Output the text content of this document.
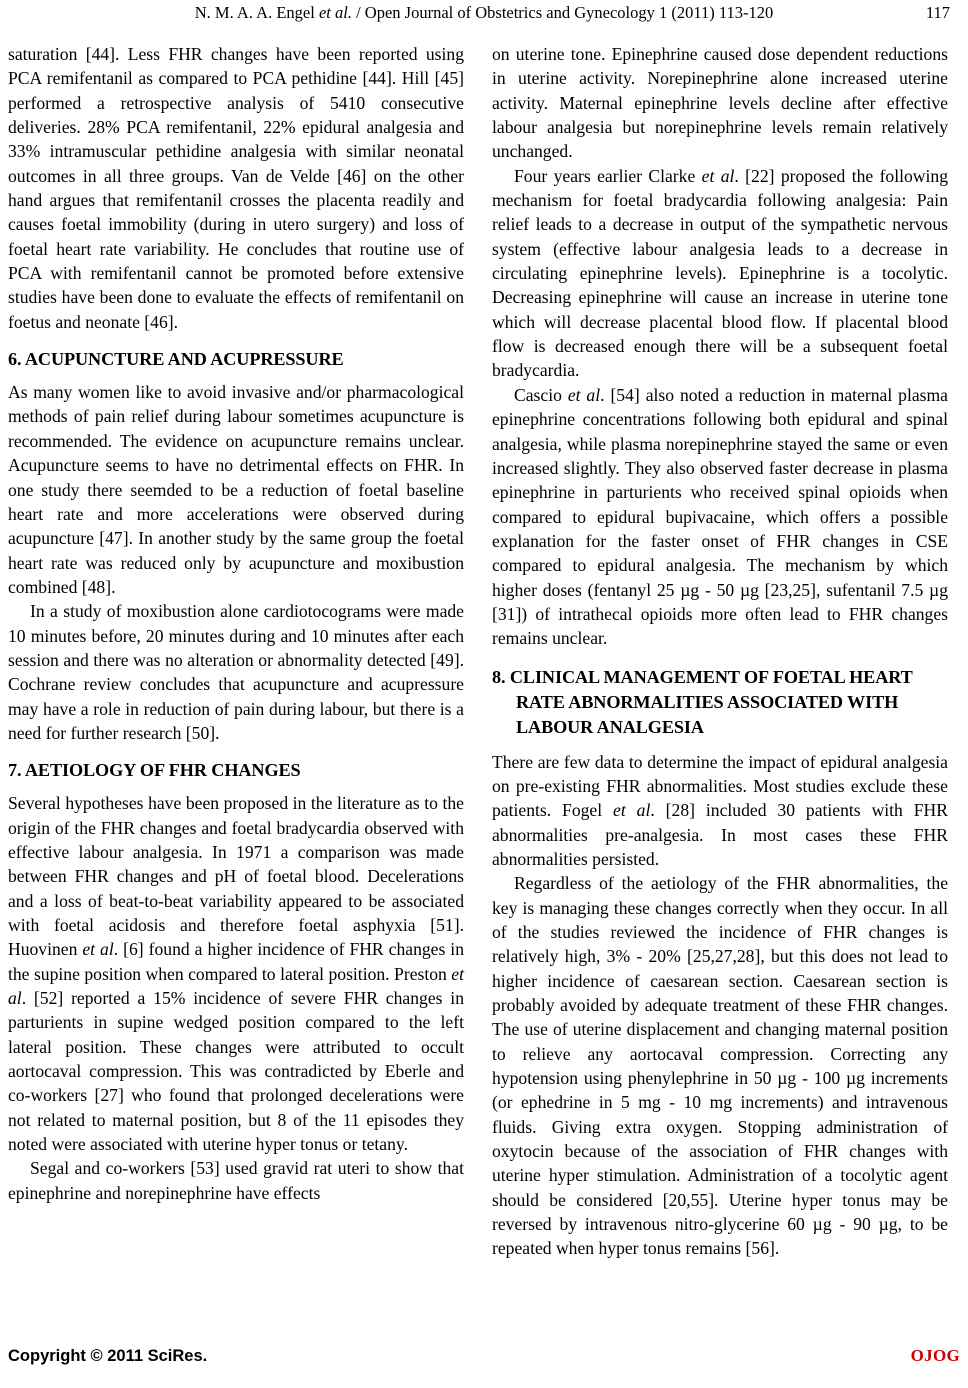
N. M. A. A. Engel et al. / Open Journal of Obstetrics and Gynecology 1 (2011) 113-120	117

saturation [44]. Less FHR changes have been reported using PCA remifentanil as compared to PCA pethidine [44]. Hill [45] performed a retrospective analysis of 5410 consecutive deliveries. 28% PCA remifentanil, 22% epidural analgesia and 33% intramuscular pethidine analgesia with similar neonatal outcomes in all three groups. Van de Velde [46] on the other hand argues that remifentanil crosses the placenta readily and causes foetal immobility (during in utero surgery) and loss of foetal heart rate variability. He concludes that routine use of PCA with remifentanil cannot be promoted before extensive studies have been done to evaluate the effects of remifentanil on foetus and neonate [46].

6. ACUPUNCTURE AND ACUPRESSURE

As many women like to avoid invasive and/or pharmacological methods of pain relief during labour sometimes acupuncture is recommended. The evidence on acupuncture remains unclear. Acupuncture seems to have no detrimental effects on FHR. In one study there seemded to be a reduction of foetal baseline heart rate and more accelerations were observed during acupuncture [47]. In another study by the same group the foetal heart rate was reduced only by acupuncture and moxibustion combined [48].

In a study of moxibustion alone cardiotocograms were made 10 minutes before, 20 minutes during and 10 minutes after each session and there was no alteration or abnormality detected [49]. Cochrane review concludes that acupuncture and acupressure may have a role in reduction of pain during labour, but there is a need for further research [50].

7. AETIOLOGY OF FHR CHANGES

Several hypotheses have been proposed in the literature as to the origin of the FHR changes and foetal bradycardia observed with effective labour analgesia. In 1971 a comparison was made between FHR changes and pH of foetal blood. Decelerations and a loss of beat-to-beat variability appeared to be associated with foetal acidosis and therefore foetal asphyxia [51]. Huovinen et al. [6] found a higher incidence of FHR changes in the supine position when compared to lateral position. Preston et al. [52] reported a 15% incidence of severe FHR changes in parturients in supine wedged position compared to the left lateral position. These changes were attributed to occult aortocaval compression. This was contradicted by Eberle and co-workers [27] who found that prolonged decelerations were not related to maternal position, but 8 of the 11 episodes they noted were associated with uterine hyper tonus or tetany.

Segal and co-workers [53] used gravid rat uteri to show that epinephrine and norepinephrine have effects

on uterine tone. Epinephrine caused dose dependent reductions in uterine activity. Norepinephrine alone increased uterine activity. Maternal epinephrine levels decline after effective labour analgesia but norepinephrine levels remain relatively unchanged.

Four years earlier Clarke et al. [22] proposed the following mechanism for foetal bradycardia following analgesia: Pain relief leads to a decrease in output of the sympathetic nervous system (effective labour analgesia leads to a decrease in circulating epinephrine levels). Epinephrine is a tocolytic. Decreasing epinephrine will cause an increase in uterine tone which will decrease placental blood flow. If placental blood flow is decreased enough there will be a subsequent foetal bradycardia.

Cascio et al. [54] also noted a reduction in maternal plasma epinephrine concentrations following both epidural and spinal analgesia, while plasma norepinephrine stayed the same or even increased slightly. They also observed faster decrease in plasma epinephrine in parturients who received spinal opioids when compared to epidural bupivacaine, which offers a possible explanation for the faster onset of FHR changes in CSE compared to epidural analgesia. The mechanism by which higher doses (fentanyl 25 µg - 50 µg [23,25], sufentanil 7.5 µg [31]) of intrathecal opioids more often lead to FHR changes remains unclear.

8. CLINICAL MANAGEMENT OF FOETAL HEART RATE ABNORMALITIES ASSOCIATED WITH LABOUR ANALGESIA

There are few data to determine the impact of epidural analgesia on pre-existing FHR abnormalities. Most studies exclude these patients. Fogel et al. [28] included 30 patients with FHR abnormalities pre-analgesia. In most cases these FHR abnormalities persisted.

Regardless of the aetiology of the FHR abnormalities, the key is managing these changes correctly when they occur. In all of the studies reviewed the incidence of FHR changes is relatively high, 3% - 20% [25,27,28], but this does not lead to higher incidence of caesarean section. Caesarean section is probably avoided by adequate treatment of these FHR changes. The use of uterine displacement and changing maternal position to relieve any aortocaval compression. Correcting any hypotension using phenylephrine in 50 µg - 100 µg increments (or ephedrine in 5 mg - 10 mg increments) and intravenous fluids. Giving extra oxygen. Stopping administration of oxytocin because of the association of FHR changes with uterine hyper stimulation. Administration of a tocolytic agent should be considered [20,55]. Uterine hyper tonus may be reversed by intravenous nitro-glycerine 60 µg - 90 µg, to be repeated when hyper tonus remains [56].

Copyright © 2011 SciRes.	OJOG
